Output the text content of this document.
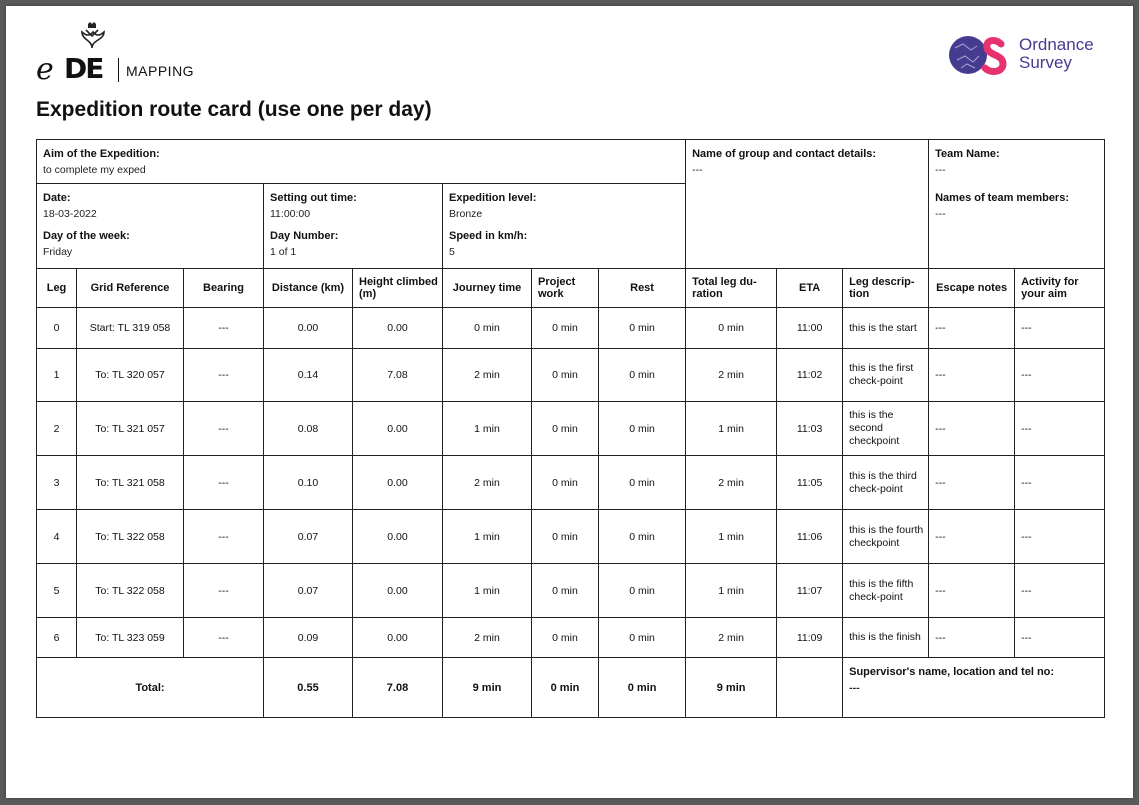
e DE MAPPING
Ordnance
Survey
Expedition route card (use one per day)
Aim of the Expedition:
to complete my exped								Name of group and contact details:
---			Team Name:
---
Names of team members:
---	

Date:
18-03-2022
Day of the week:
Friday			Setting out time:
11:00:00
Day Number:
1 of 1		Expedition level:
Bronze
Speed in km/h:
5							

Leg	Grid Reference	Bearing	Distance (km)	Height climbed (m)	Journey time	Project work	Rest	Total leg du-ration	ETA	Leg descrip-tion	Escape notes	Activity for your aim
0	Start: TL 319 058	---	0.00	0.00	0 min	0 min	0 min	0 min	11:00	this is the start	---	---
1	To: TL 320 057	---	0.14	7.08	2 min	0 min	0 min	2 min	11:02	this is the first check-point	---	---
2	To: TL 321 057	---	0.08	0.00	1 min	0 min	0 min	1 min	11:03	this is the second checkpoint	---	---
3	To: TL 321 058	---	0.10	0.00	2 min	0 min	0 min	2 min	11:05	this is the third check-point	---	---
4	To: TL 322 058	---	0.07	0.00	1 min	0 min	0 min	1 min	11:06	this is the fourth checkpoint	---	---
5	To: TL 322 058	---	0.07	0.00	1 min	0 min	0 min	1 min	11:07	this is the fifth check-point	---	---
6	To: TL 323 059	---	0.09	0.00	2 min	0 min	0 min	2 min	11:09	this is the finish	---	---
Total:			0.55	7.08	9 min	0 min	0 min	9 min		Supervisor's name, location and tel no:
---		
